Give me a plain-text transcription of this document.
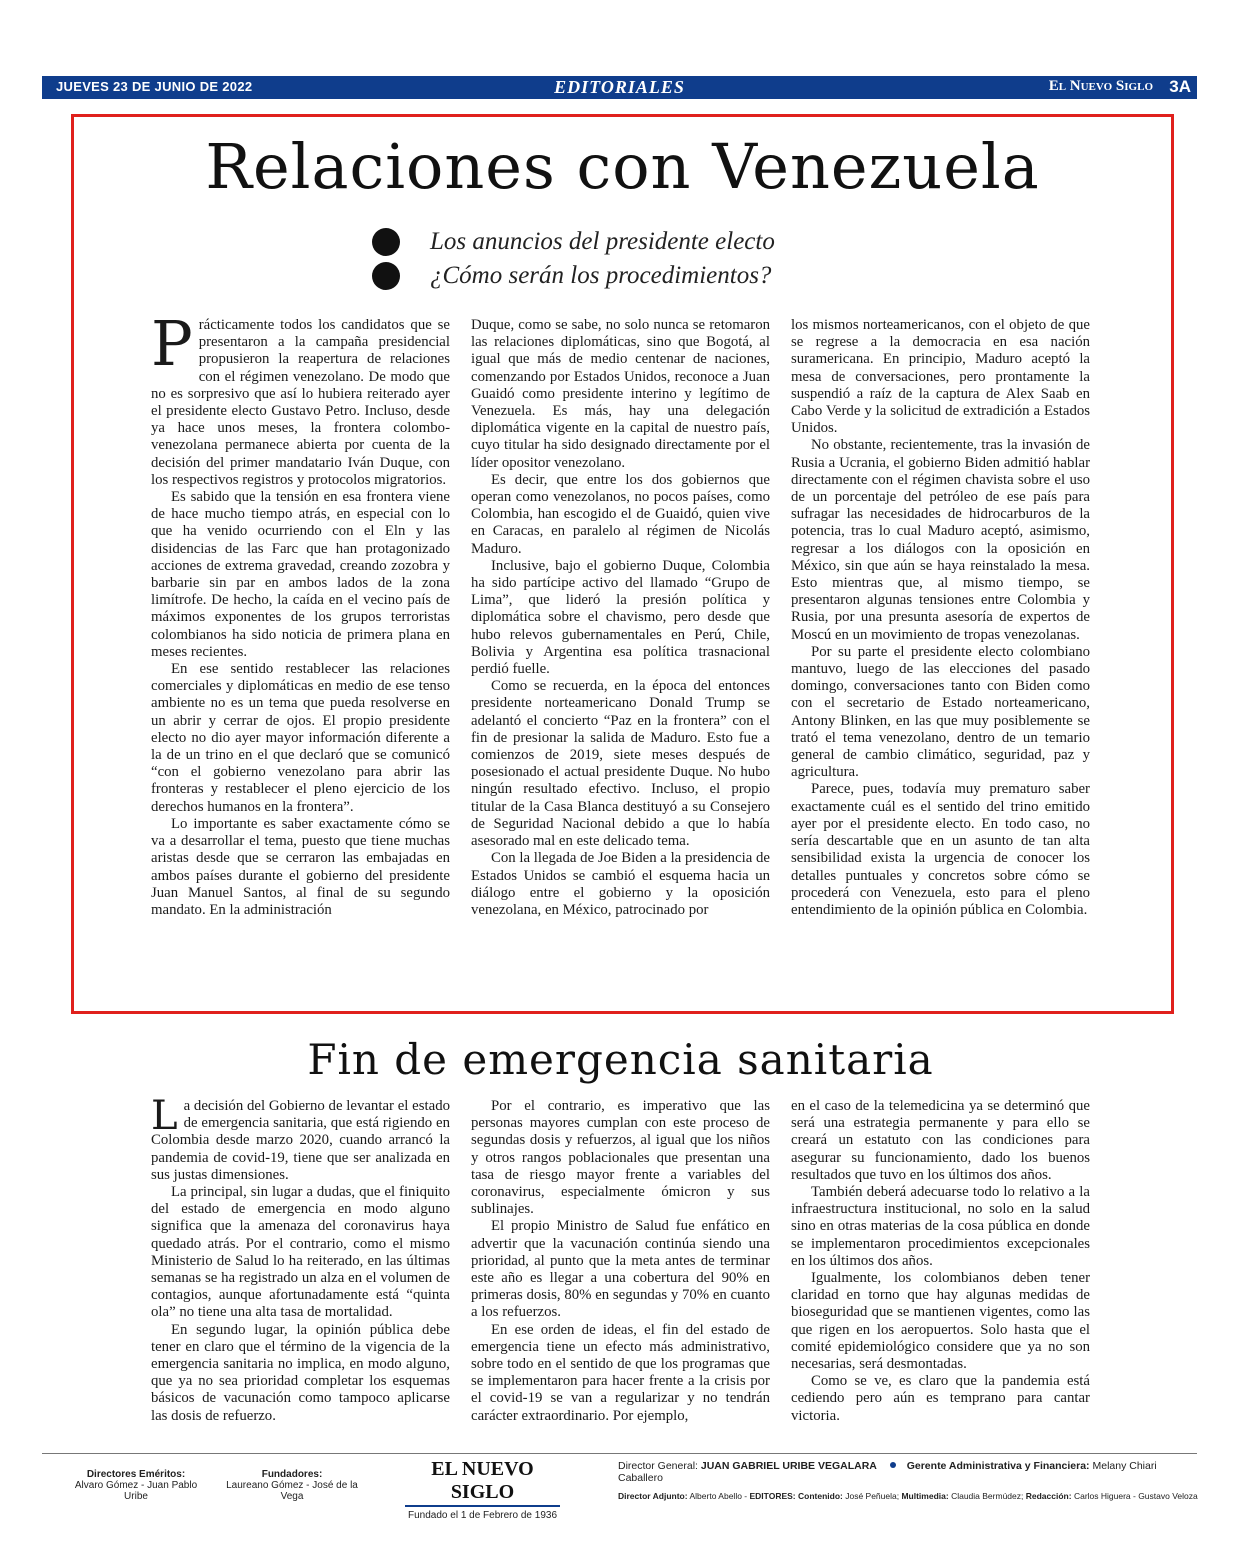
JUEVES 23 DE JUNIO DE 2022	EDITORIALES	El Nuevo Siglo 3A
Relaciones con Venezuela
Los anuncios del presidente electo
¿Cómo serán los procedimientos?

Prácticamente todos los candidatos que se presentaron a la campaña presidencial propusieron la reapertura de relaciones con el régimen venezolano. De modo que no es sorpresivo que así lo hubiera reiterado ayer el presidente electo Gustavo Petro. Incluso, desde ya hace unos meses, la frontera colombo-venezolana permanece abierta por cuenta de la decisión del primer mandatario Iván Duque, con los respectivos registros y protocolos migratorios.

Es sabido que la tensión en esa frontera viene de hace mucho tiempo atrás, en especial con lo que ha venido ocurriendo con el Eln y las disidencias de las Farc que han protagonizado acciones de extrema gravedad, creando zozobra y barbarie sin par en ambos lados de la zona limítrofe. De hecho, la caída en el vecino país de máximos exponentes de los grupos terroristas colombianos ha sido noticia de primera plana en meses recientes.

En ese sentido restablecer las relaciones comerciales y diplomáticas en medio de ese tenso ambiente no es un tema que pueda resolverse en un abrir y cerrar de ojos. El propio presidente electo no dio ayer mayor información diferente a la de un trino en el que declaró que se comunicó “con el gobierno venezolano para abrir las fronteras y restablecer el pleno ejercicio de los derechos humanos en la frontera”.

Lo importante es saber exactamente cómo se va a desarrollar el tema, puesto que tiene muchas aristas desde que se cerraron las embajadas en ambos países durante el gobierno del presidente Juan Manuel Santos, al final de su segundo mandato. En la administración

Duque, como se sabe, no solo nunca se retomaron las relaciones diplomáticas, sino que Bogotá, al igual que más de medio centenar de naciones, comenzando por Estados Unidos, reconoce a Juan Guaidó como presidente interino y legítimo de Venezuela. Es más, hay una delegación diplomática vigente en la capital de nuestro país, cuyo titular ha sido designado directamente por el líder opositor venezolano.

Es decir, que entre los dos gobiernos que operan como venezolanos, no pocos países, como Colombia, han escogido el de Guaidó, quien vive en Caracas, en paralelo al régimen de Nicolás Maduro.

Inclusive, bajo el gobierno Duque, Colombia ha sido partícipe activo del llamado “Grupo de Lima”, que lideró la presión política y diplomática sobre el chavismo, pero desde que hubo relevos gubernamentales en Perú, Chile, Bolivia y Argentina esa política trasnacional perdió fuelle.

Como se recuerda, en la época del entonces presidente norteamericano Donald Trump se adelantó el concierto “Paz en la frontera” con el fin de presionar la salida de Maduro. Esto fue a comienzos de 2019, siete meses después de posesionado el actual presidente Duque. No hubo ningún resultado efectivo. Incluso, el propio titular de la Casa Blanca destituyó a su Consejero de Seguridad Nacional debido a que lo había asesorado mal en este delicado tema.

Con la llegada de Joe Biden a la presidencia de Estados Unidos se cambió el esquema hacia un diálogo entre el gobierno y la oposición venezolana, en México, patrocinado por

los mismos norteamericanos, con el objeto de que se regrese a la democracia en esa nación suramericana. En principio, Maduro aceptó la mesa de conversaciones, pero prontamente la suspendió a raíz de la captura de Alex Saab en Cabo Verde y la solicitud de extradición a Estados Unidos.

No obstante, recientemente, tras la invasión de Rusia a Ucrania, el gobierno Biden admitió hablar directamente con el régimen chavista sobre el uso de un porcentaje del petróleo de ese país para sufragar las necesidades de hidrocarburos de la potencia, tras lo cual Maduro aceptó, asimismo, regresar a los diálogos con la oposición en México, sin que aún se haya reinstalado la mesa. Esto mientras que, al mismo tiempo, se presentaron algunas tensiones entre Colombia y Rusia, por una presunta asesoría de expertos de Moscú en un movimiento de tropas venezolanas.

Por su parte el presidente electo colombiano mantuvo, luego de las elecciones del pasado domingo, conversaciones tanto con Biden como con el secretario de Estado norteamericano, Antony Blinken, en las que muy posiblemente se trató el tema venezolano, dentro de un temario general de cambio climático, seguridad, paz y agricultura.

Parece, pues, todavía muy prematuro saber exactamente cuál es el sentido del trino emitido ayer por el presidente electo. En todo caso, no sería descartable que en un asunto de tan alta sensibilidad exista la urgencia de conocer los detalles puntuales y concretos sobre cómo se procederá con Venezuela, esto para el pleno entendimiento de la opinión pública en Colombia.

Fin de emergencia sanitaria

La decisión del Gobierno de levantar el estado de emergencia sanitaria, que está rigiendo en Colombia desde marzo 2020, cuando arrancó la pandemia de covid-19, tiene que ser analizada en sus justas dimensiones.

La principal, sin lugar a dudas, que el finiquito del estado de emergencia en modo alguno significa que la amenaza del coronavirus haya quedado atrás. Por el contrario, como el mismo Ministerio de Salud lo ha reiterado, en las últimas semanas se ha registrado un alza en el volumen de contagios, aunque afortunadamente está “quinta ola” no tiene una alta tasa de mortalidad.

En segundo lugar, la opinión pública debe tener en claro que el término de la vigencia de la emergencia sanitaria no implica, en modo alguno, que ya no sea prioridad completar los esquemas básicos de vacunación como tampoco aplicarse las dosis de refuerzo.

Por el contrario, es imperativo que las personas mayores cumplan con este proceso de segundas dosis y refuerzos, al igual que los niños y otros rangos poblacionales que presentan una tasa de riesgo mayor frente a variables del coronavirus, especialmente ómicron y sus sublinajes.

El propio Ministro de Salud fue enfático en advertir que la vacunación continúa siendo una prioridad, al punto que la meta antes de terminar este año es llegar a una cobertura del 90% en primeras dosis, 80% en segundas y 70% en cuanto a los refuerzos.

En ese orden de ideas, el fin del estado de emergencia tiene un efecto más administrativo, sobre todo en el sentido de que los programas que se implementaron para hacer frente a la crisis por el covid-19 se van a regularizar y no tendrán carácter extraordinario. Por ejemplo,

en el caso de la telemedicina ya se determinó que será una estrategia permanente y para ello se creará un estatuto con las condiciones para asegurar su funcionamiento, dado los buenos resultados que tuvo en los últimos dos años.

También deberá adecuarse todo lo relativo a la infraestructura institucional, no solo en la salud sino en otras materias de la cosa pública en donde se implementaron procedimientos excepcionales en los últimos dos años.

Igualmente, los colombianos deben tener claridad en torno que hay algunas medidas de bioseguridad que se mantienen vigentes, como las que rigen en los aeropuertos. Solo hasta que el comité epidemiológico considere que ya no son necesarias, será desmontadas.

Como se ve, es claro que la pandemia está cediendo pero aún es temprano para cantar victoria.

Directores Eméritos:
Alvaro Gómez - Juan Pablo Uribe
Fundadores:
Laureano Gómez - José de la Vega
EL NUEVO SIGLO
Fundado el 1 de Febrero de 1936
Director General: JUAN GABRIEL URIBE VEGALARA	Gerente Administrativa y Financiera: Melany Chiari Caballero
Director Adjunto: Alberto Abello - EDITORES: Contenido: José Peñuela; Multimedia: Claudia Bermúdez; Redacción: Carlos Higuera - Gustavo Veloza
